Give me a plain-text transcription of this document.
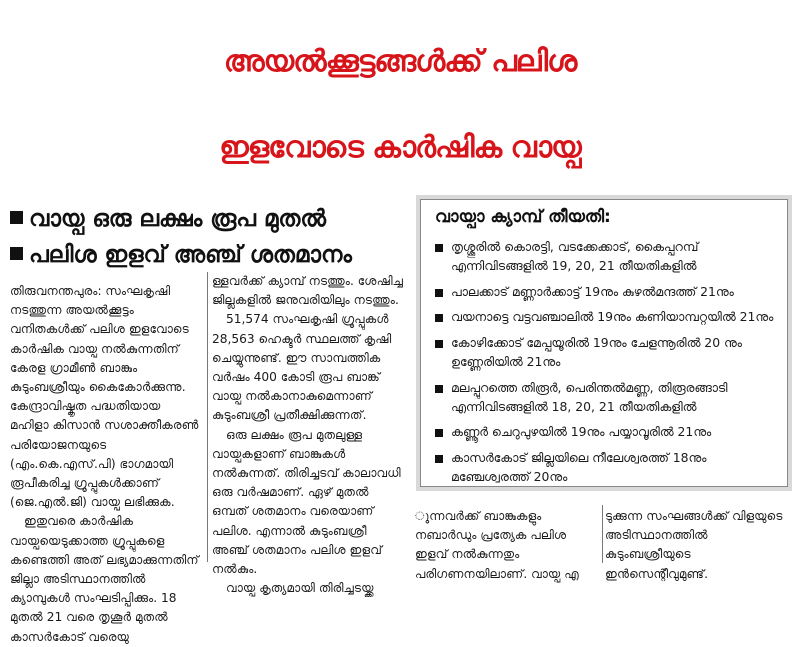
അയൽക്കൂട്ടങ്ങൾക്ക് പലിശ
ഇളവോടെ കാർഷിക വായ്പ
വായ്പ ഒരു ലക്ഷം രൂപ മുതൽ
പലിശ ഇളവ് അഞ്ച് ശതമാനം

തിരുവനന്തപുരം: സംഘകൃഷി നടത്തുന്ന അയൽക്കൂട്ടം വനിതകൾക്ക് പലിശ ഇളവോടെ കാർഷിക വായ്പ നൽകുന്നതിന് കേരള ഗ്രാമീൺ ബാങ്കും കുടുംബശ്രീയും കൈകോർക്കുന്നു. കേന്ദ്രാവിഷ്കൃത പദ്ധതിയായ മഹിളാ കിസാൻ സശാക്തീകരൺ പരിയോജനയുടെ (എം.കെ.എസ്.പി) ഭാഗമായി രൂപീകരിച്ച ഗ്രൂപ്പുകൾക്കാണ് (ജെ.എൽ.ജി) വായ്പ ലഭിക്കുക.

ഇതുവരെ കാർഷിക വായ്പയെടുക്കാത്ത ഗ്രൂപ്പുകളെ കണ്ടെത്തി അത് ലഭ്യമാക്കുന്നതിന് ജില്ലാ അടിസ്ഥാനത്തിൽ ക്യാമ്പുകൾ സംഘടിപ്പിക്കും. 18 മുതൽ 21 വരെ തൃശൂർ മുതൽ കാസർകോട് വരെയു

ള്ളവർക്ക് ക്യാമ്പ് നടത്തും. ശേഷിച്ച ജില്ലകളിൽ ജനുവരിയിലും നടത്തും.

51,574 സംഘകൃഷി ഗ്രൂപ്പുകൾ 28,563 ഹെക്ടർ സ്ഥലത്ത് കൃഷി ചെയ്യുന്നുണ്ട്. ഈ സാമ്പത്തിക വർഷം 400 കോടി രൂപ ബാങ്ക് വായ്പ നൽകാനാകുമെന്നാണ് കുടുംബശ്രീ പ്രതീക്ഷിക്കുന്നത്.

ഒരു ലക്ഷം രൂപ മുതലുള്ള വായ്പകളാണ് ബാങ്കുകൾ നൽകുന്നത്. തിരിച്ചടവ് കാലാവധി ഒരു വർഷമാണ്. ഏഴ് മുതൽ ഒമ്പത് ശതമാനം വരെയാണ് പലിശ. എന്നാൽ കുടുംബശ്രീ അഞ്ച് ശതമാനം പലിശ ഇളവ് നൽകും.

വായ്പ കൃത്യമായി തിരിച്ചടയ്ക്ക

വായ്പാ ക്യാമ്പ് തീയതി:
തൃശ്ശൂരിൽ കൊരട്ടി, വടക്കേക്കാട്, കൈപ്പറമ്പ് എന്നിവിടങ്ങളിൽ 19, 20, 21 തീയതികളിൽ
പാലക്കാട് മണ്ണാർക്കാട്ട് 19നും കുഴൽമന്ദത്ത് 21നും
വയനാട്ടെ വട്ടവഞ്ചാലിൽ 19നും കണിയാമ്പറ്റയിൽ 21നും
കോഴിക്കോട് മേപ്പയൂരിൽ 19നും ചേളന്നൂരിൽ 20 നും ഉണ്ണേരിയിൽ 21നും
മലപ്പുറത്തെ തിരൂർ, പെരിന്തൽമണ്ണ, തിരൂരങ്ങാടി എന്നിവിടങ്ങളിൽ 18, 20, 21 തീയതികളിൽ
കണ്ണൂർ ചെറുപുഴയിൽ 19നും പയ്യാവൂരിൽ 21നും
കാസർകോട് ജില്ലയിലെ നീലേശ്വരത്ത് 18നും മഞ്ചേശ്വരത്ത് 20നും

ുന്നവർക്ക് ബാങ്കുകളും നബാർഡും പ്രത്യേക പലിശ ഇളവ് നൽകുന്നതും പരിഗണനയിലാണ്. വായ്പ എ

ടുക്കുന്ന സംഘങ്ങൾക്ക് വിളയുടെ അടിസ്ഥാനത്തിൽ കുടുംബശ്രീയുടെ ഇൻസെന്റീവുമുണ്ട്.
